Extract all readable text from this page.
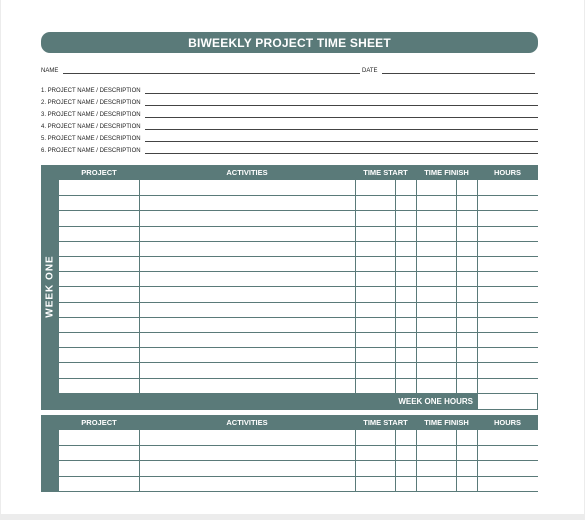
BIWEEKLY PROJECT TIME SHEET
NAME	DATE
1. PROJECT NAME / DESCRIPTION
2. PROJECT NAME / DESCRIPTION
3. PROJECT NAME / DESCRIPTION
4. PROJECT NAME / DESCRIPTION
5. PROJECT NAME / DESCRIPTION
6. PROJECT NAME / DESCRIPTION
WEEK ONE
PROJECT	ACTIVITIES	TIME START	TIME FINISH	HOURS
WEEK ONE HOURS
PROJECT	ACTIVITIES	TIME START	TIME FINISH	HOURS
